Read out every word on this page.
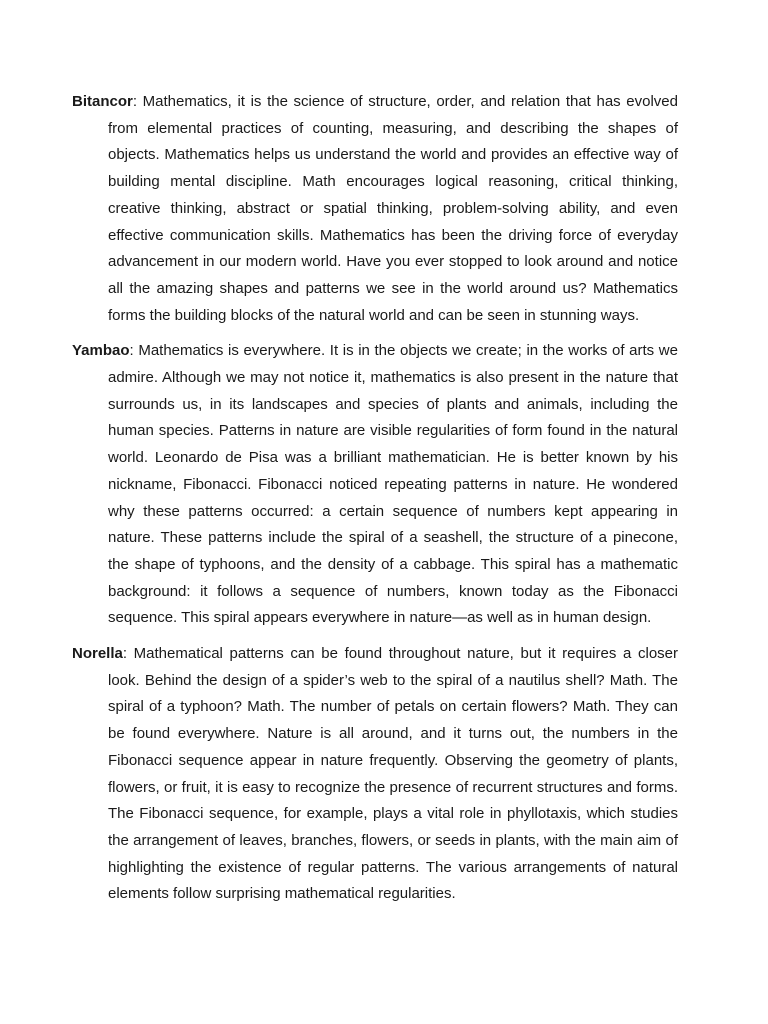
Bitancor: Mathematics, it is the science of structure, order, and relation that has evolved from elemental practices of counting, measuring, and describing the shapes of objects. Mathematics helps us understand the world and provides an effective way of building mental discipline. Math encourages logical reasoning, critical thinking, creative thinking, abstract or spatial thinking, problem-solving ability, and even effective communication skills. Mathematics has been the driving force of everyday advancement in our modern world. Have you ever stopped to look around and notice all the amazing shapes and patterns we see in the world around us? Mathematics forms the building blocks of the natural world and can be seen in stunning ways.

Yambao: Mathematics is everywhere. It is in the objects we create; in the works of arts we admire. Although we may not notice it, mathematics is also present in the nature that surrounds us, in its landscapes and species of plants and animals, including the human species. Patterns in nature are visible regularities of form found in the natural world. Leonardo de Pisa was a brilliant mathematician. He is better known by his nickname, Fibonacci. Fibonacci noticed repeating patterns in nature. He wondered why these patterns occurred: a certain sequence of numbers kept appearing in nature. These patterns include the spiral of a seashell, the structure of a pinecone, the shape of typhoons, and the density of a cabbage. This spiral has a mathematic background: it follows a sequence of numbers, known today as the Fibonacci sequence. This spiral appears everywhere in nature—as well as in human design.

Norella: Mathematical patterns can be found throughout nature, but it requires a closer look. Behind the design of a spider’s web to the spiral of a nautilus shell? Math. The spiral of a typhoon? Math. The number of petals on certain flowers? Math. They can be found everywhere. Nature is all around, and it turns out, the numbers in the Fibonacci sequence appear in nature frequently. Observing the geometry of plants, flowers, or fruit, it is easy to recognize the presence of recurrent structures and forms. The Fibonacci sequence, for example, plays a vital role in phyllotaxis, which studies the arrangement of leaves, branches, flowers, or seeds in plants, with the main aim of highlighting the existence of regular patterns. The various arrangements of natural elements follow surprising mathematical regularities.
